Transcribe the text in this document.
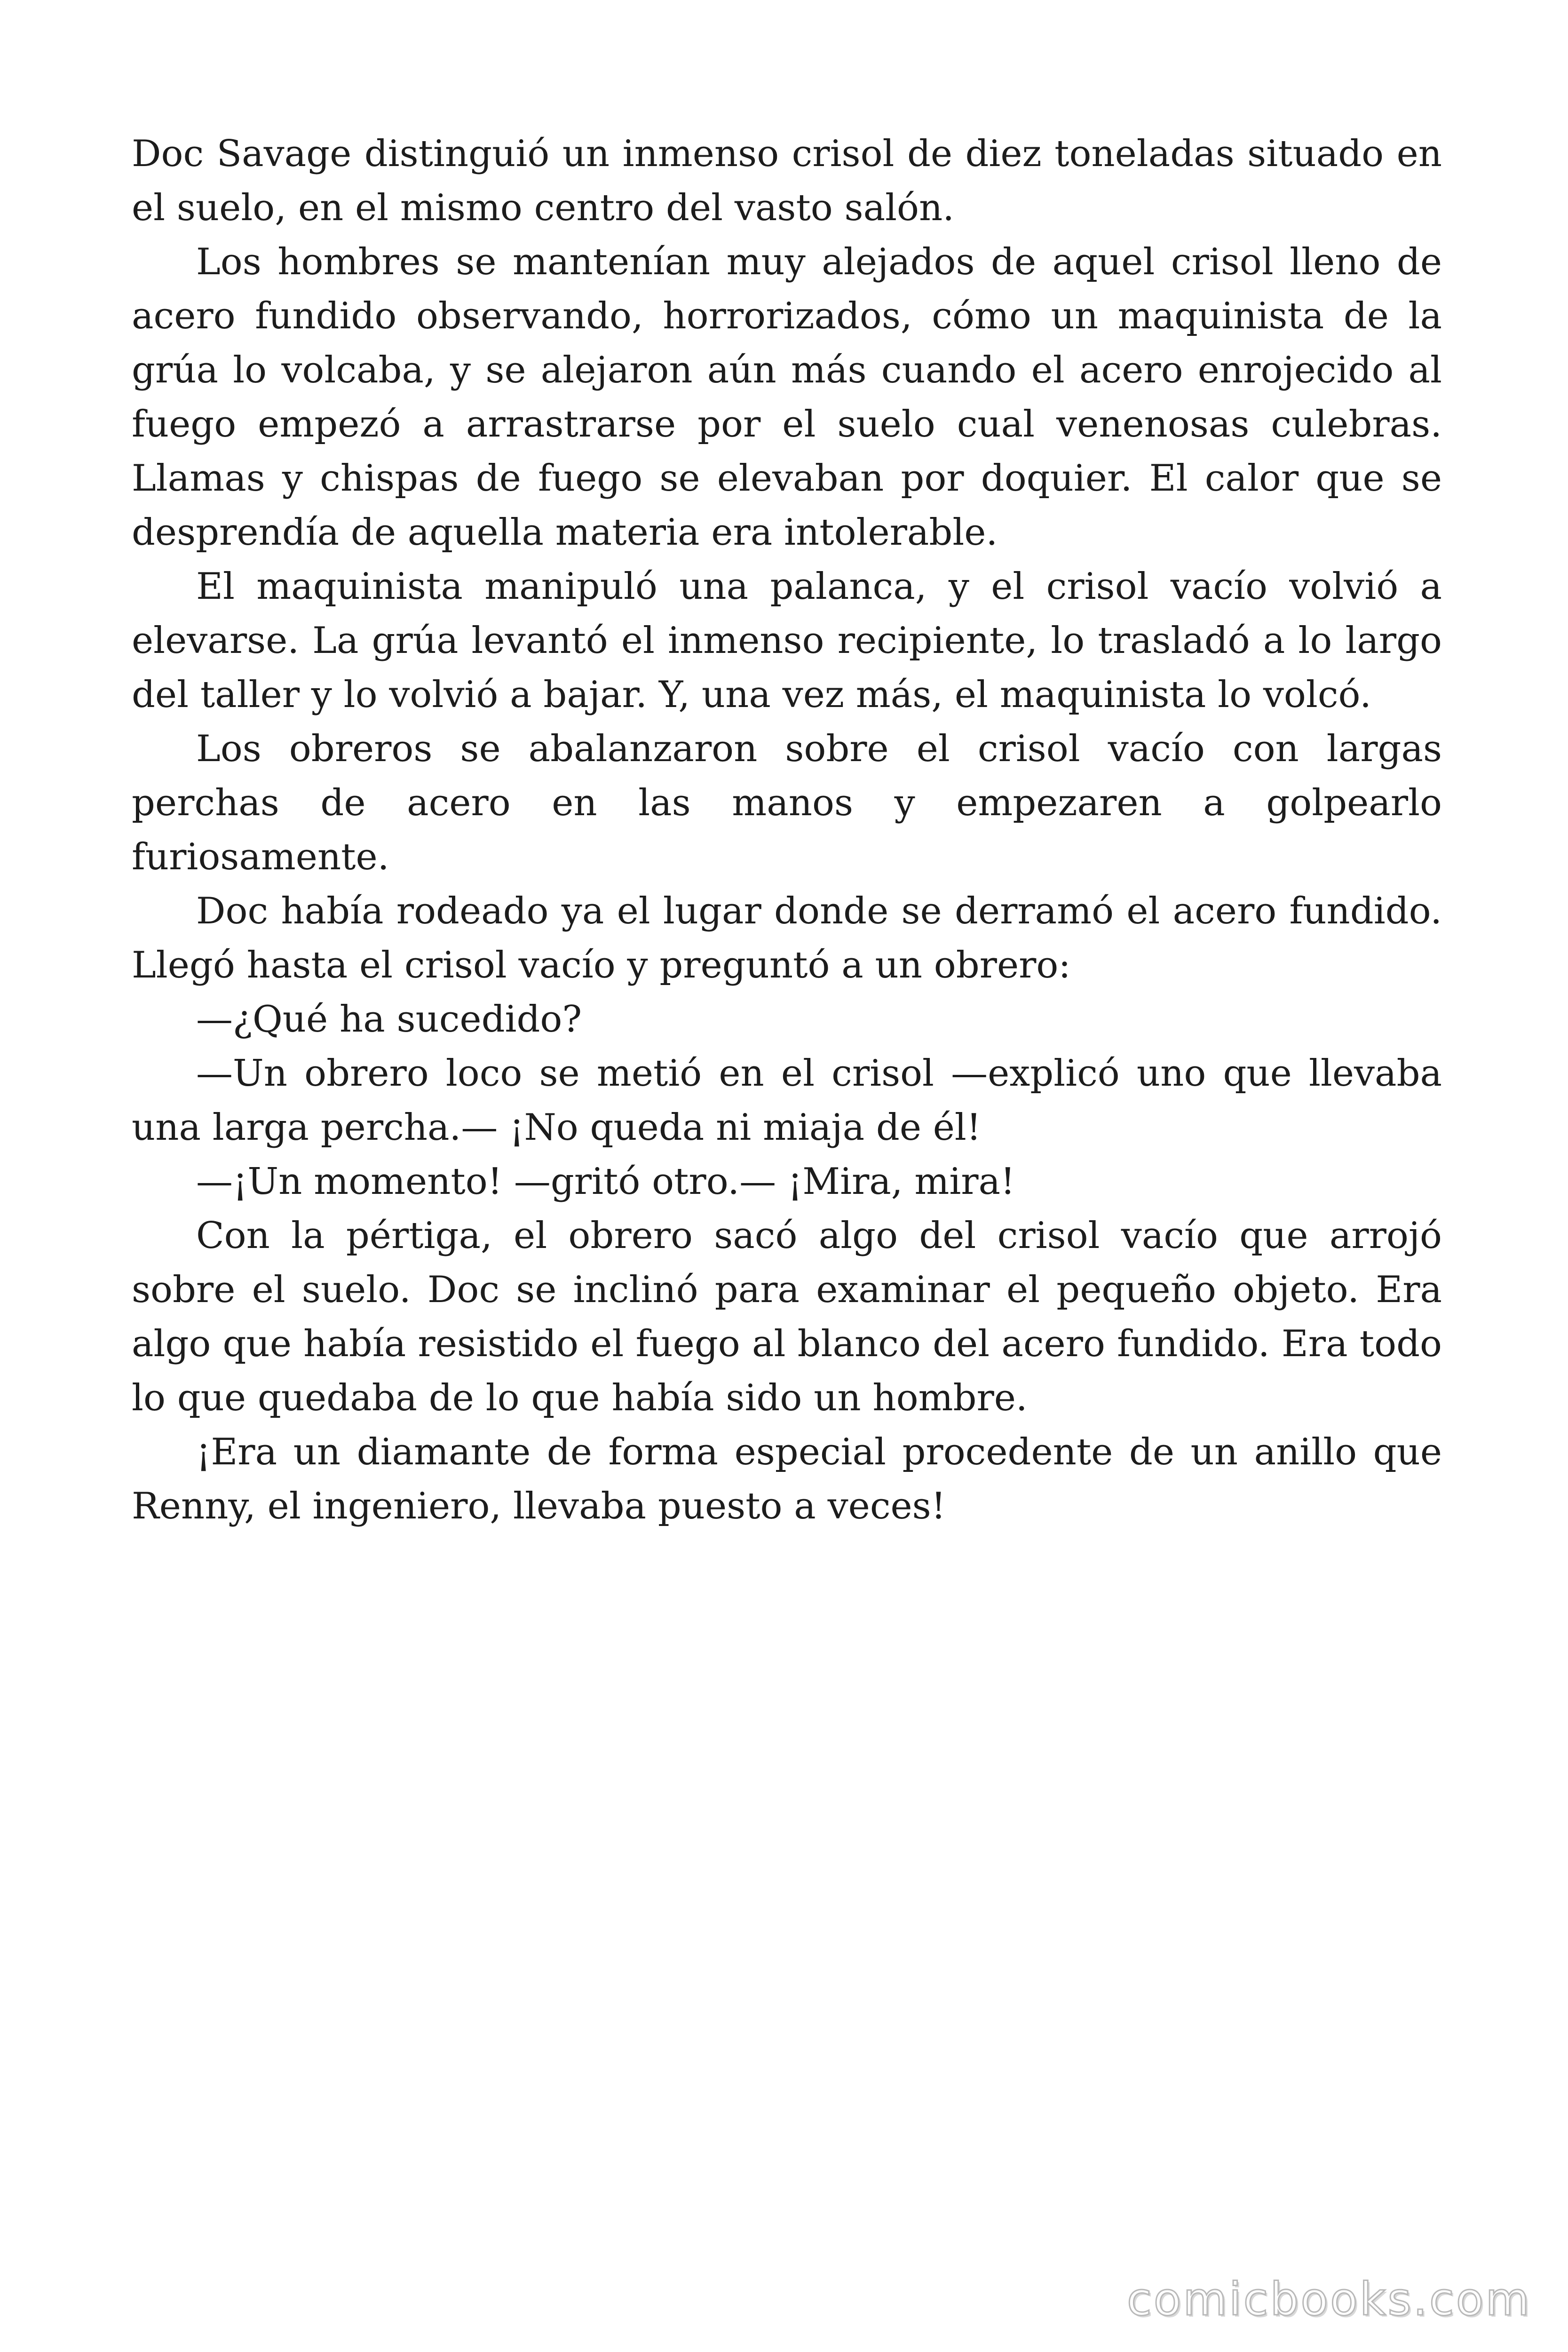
Doc Savage distinguió un inmenso crisol de diez toneladas situado en el suelo, en el mismo centro del vasto salón.

Los hombres se mantenían muy alejados de aquel crisol lleno de acero fundido observando, horrorizados, cómo un maquinista de la grúa lo volcaba, y se alejaron aún más cuando el acero enrojecido al fuego empezó a arrastrarse por el suelo cual venenosas culebras. Llamas y chispas de fuego se elevaban por doquier. El calor que se desprendía de aquella materia era intolerable.

El maquinista manipuló una palanca, y el crisol vacío volvió a elevarse. La grúa levantó el inmenso recipiente, lo trasladó a lo largo del taller y lo volvió a bajar. Y, una vez más, el maquinista lo volcó.

Los obreros se abalanzaron sobre el crisol vacío con largas perchas de acero en las manos y empezaren a golpearlo furiosamente.

Doc había rodeado ya el lugar donde se derramó el acero fundido. Llegó hasta el crisol vacío y preguntó a un obrero:

—¿Qué ha sucedido?

—Un obrero loco se metió en el crisol —explicó uno que llevaba una larga percha.— ¡No queda ni miaja de él!

—¡Un momento! —gritó otro.— ¡Mira, mira!

Con la pértiga, el obrero sacó algo del crisol vacío que arrojó sobre el suelo. Doc se inclinó para examinar el pequeño objeto. Era algo que había resistido el fuego al blanco del acero fundido. Era todo lo que quedaba de lo que había sido un hombre.

¡Era un diamante de forma especial procedente de un anillo que Renny, el ingeniero, llevaba puesto a veces!

comicbooks.com
